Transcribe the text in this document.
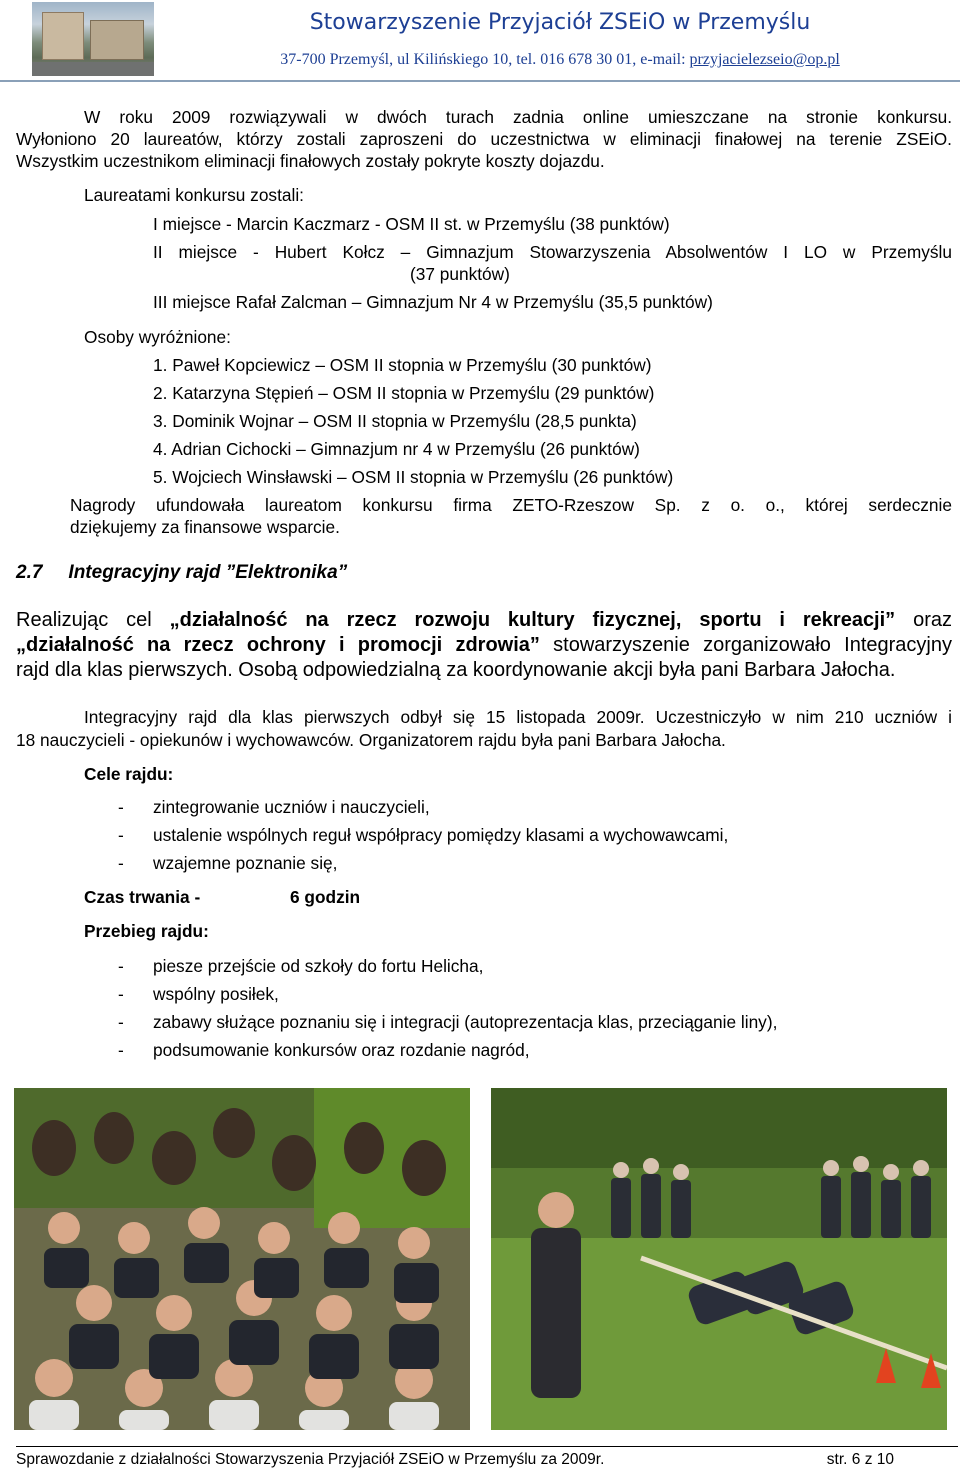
Stowarzyszenie Przyjaciół ZSEiO w Przemyślu
37-700 Przemyśl, ul Kilińskiego 10, tel. 016 678 30 01, e-mail: przyjacielezseio@op.pl
W roku 2009 rozwiązywali w dwóch turach zadnia online umieszczane na stronie konkursu.
Wyłoniono 20 laureatów, którzy zostali zaproszeni do uczestnictwa w eliminacji finałowej na terenie ZSEiO.
Wszystkim uczestnikom eliminacji finałowych zostały pokryte koszty dojazdu.
Laureatami konkursu zostali:
I miejsce - Marcin Kaczmarz - OSM II st. w Przemyślu (38 punktów)
II miejsce - Hubert Kołcz – Gimnazjum Stowarzyszenia Absolwentów I LO w Przemyślu
(37 punktów)
III miejsce Rafał Zalcman – Gimnazjum Nr 4 w Przemyślu (35,5 punktów)
Osoby wyróżnione:
1. Paweł Kopciewicz – OSM II stopnia w Przemyślu (30 punktów)
2. Katarzyna Stępień – OSM II stopnia w Przemyślu (29 punktów)
3. Dominik Wojnar – OSM II stopnia w Przemyślu (28,5 punkta)
4. Adrian Cichocki – Gimnazjum nr 4 w Przemyślu (26 punktów)
5. Wojciech Winsławski – OSM II stopnia w Przemyślu (26 punktów)
Nagrody ufundowała laureatom konkursu firma ZETO-Rzeszow Sp. z o. o., której serdecznie
dziękujemy za finansowe wsparcie.
2.7 Integracyjny rajd ”Elektronika”
Realizując cel „działalność na rzecz rozwoju kultury fizycznej, sportu i rekreacji” oraz
„działalność na rzecz ochrony i promocji zdrowia” stowarzyszenie zorganizowało Integracyjny
rajd dla klas pierwszych. Osobą odpowiedzialną za koordynowanie akcji była pani Barbara Jałocha.
Integracyjny rajd dla klas pierwszych odbył się 15 listopada 2009r. Uczestniczyło w nim 210 uczniów i
18 nauczycieli - opiekunów i wychowawców. Organizatorem rajdu była pani Barbara Jałocha.
Cele rajdu:
- zintegrowanie uczniów i nauczycieli,
- ustalenie wspólnych reguł współpracy pomiędzy klasami a wychowawcami,
- wzajemne poznanie się,
Czas trwania -	6 godzin
Przebieg rajdu:
- piesze przejście od szkoły do fortu Helicha,
- wspólny posiłek,
- zabawy służące poznaniu się i integracji (autoprezentacja klas, przeciąganie liny),
- podsumowanie konkursów oraz rozdanie nagród,
Sprawozdanie z działalności Stowarzyszenia Przyjaciół ZSEiO w Przemyślu za 2009r.	str. 6 z 10
